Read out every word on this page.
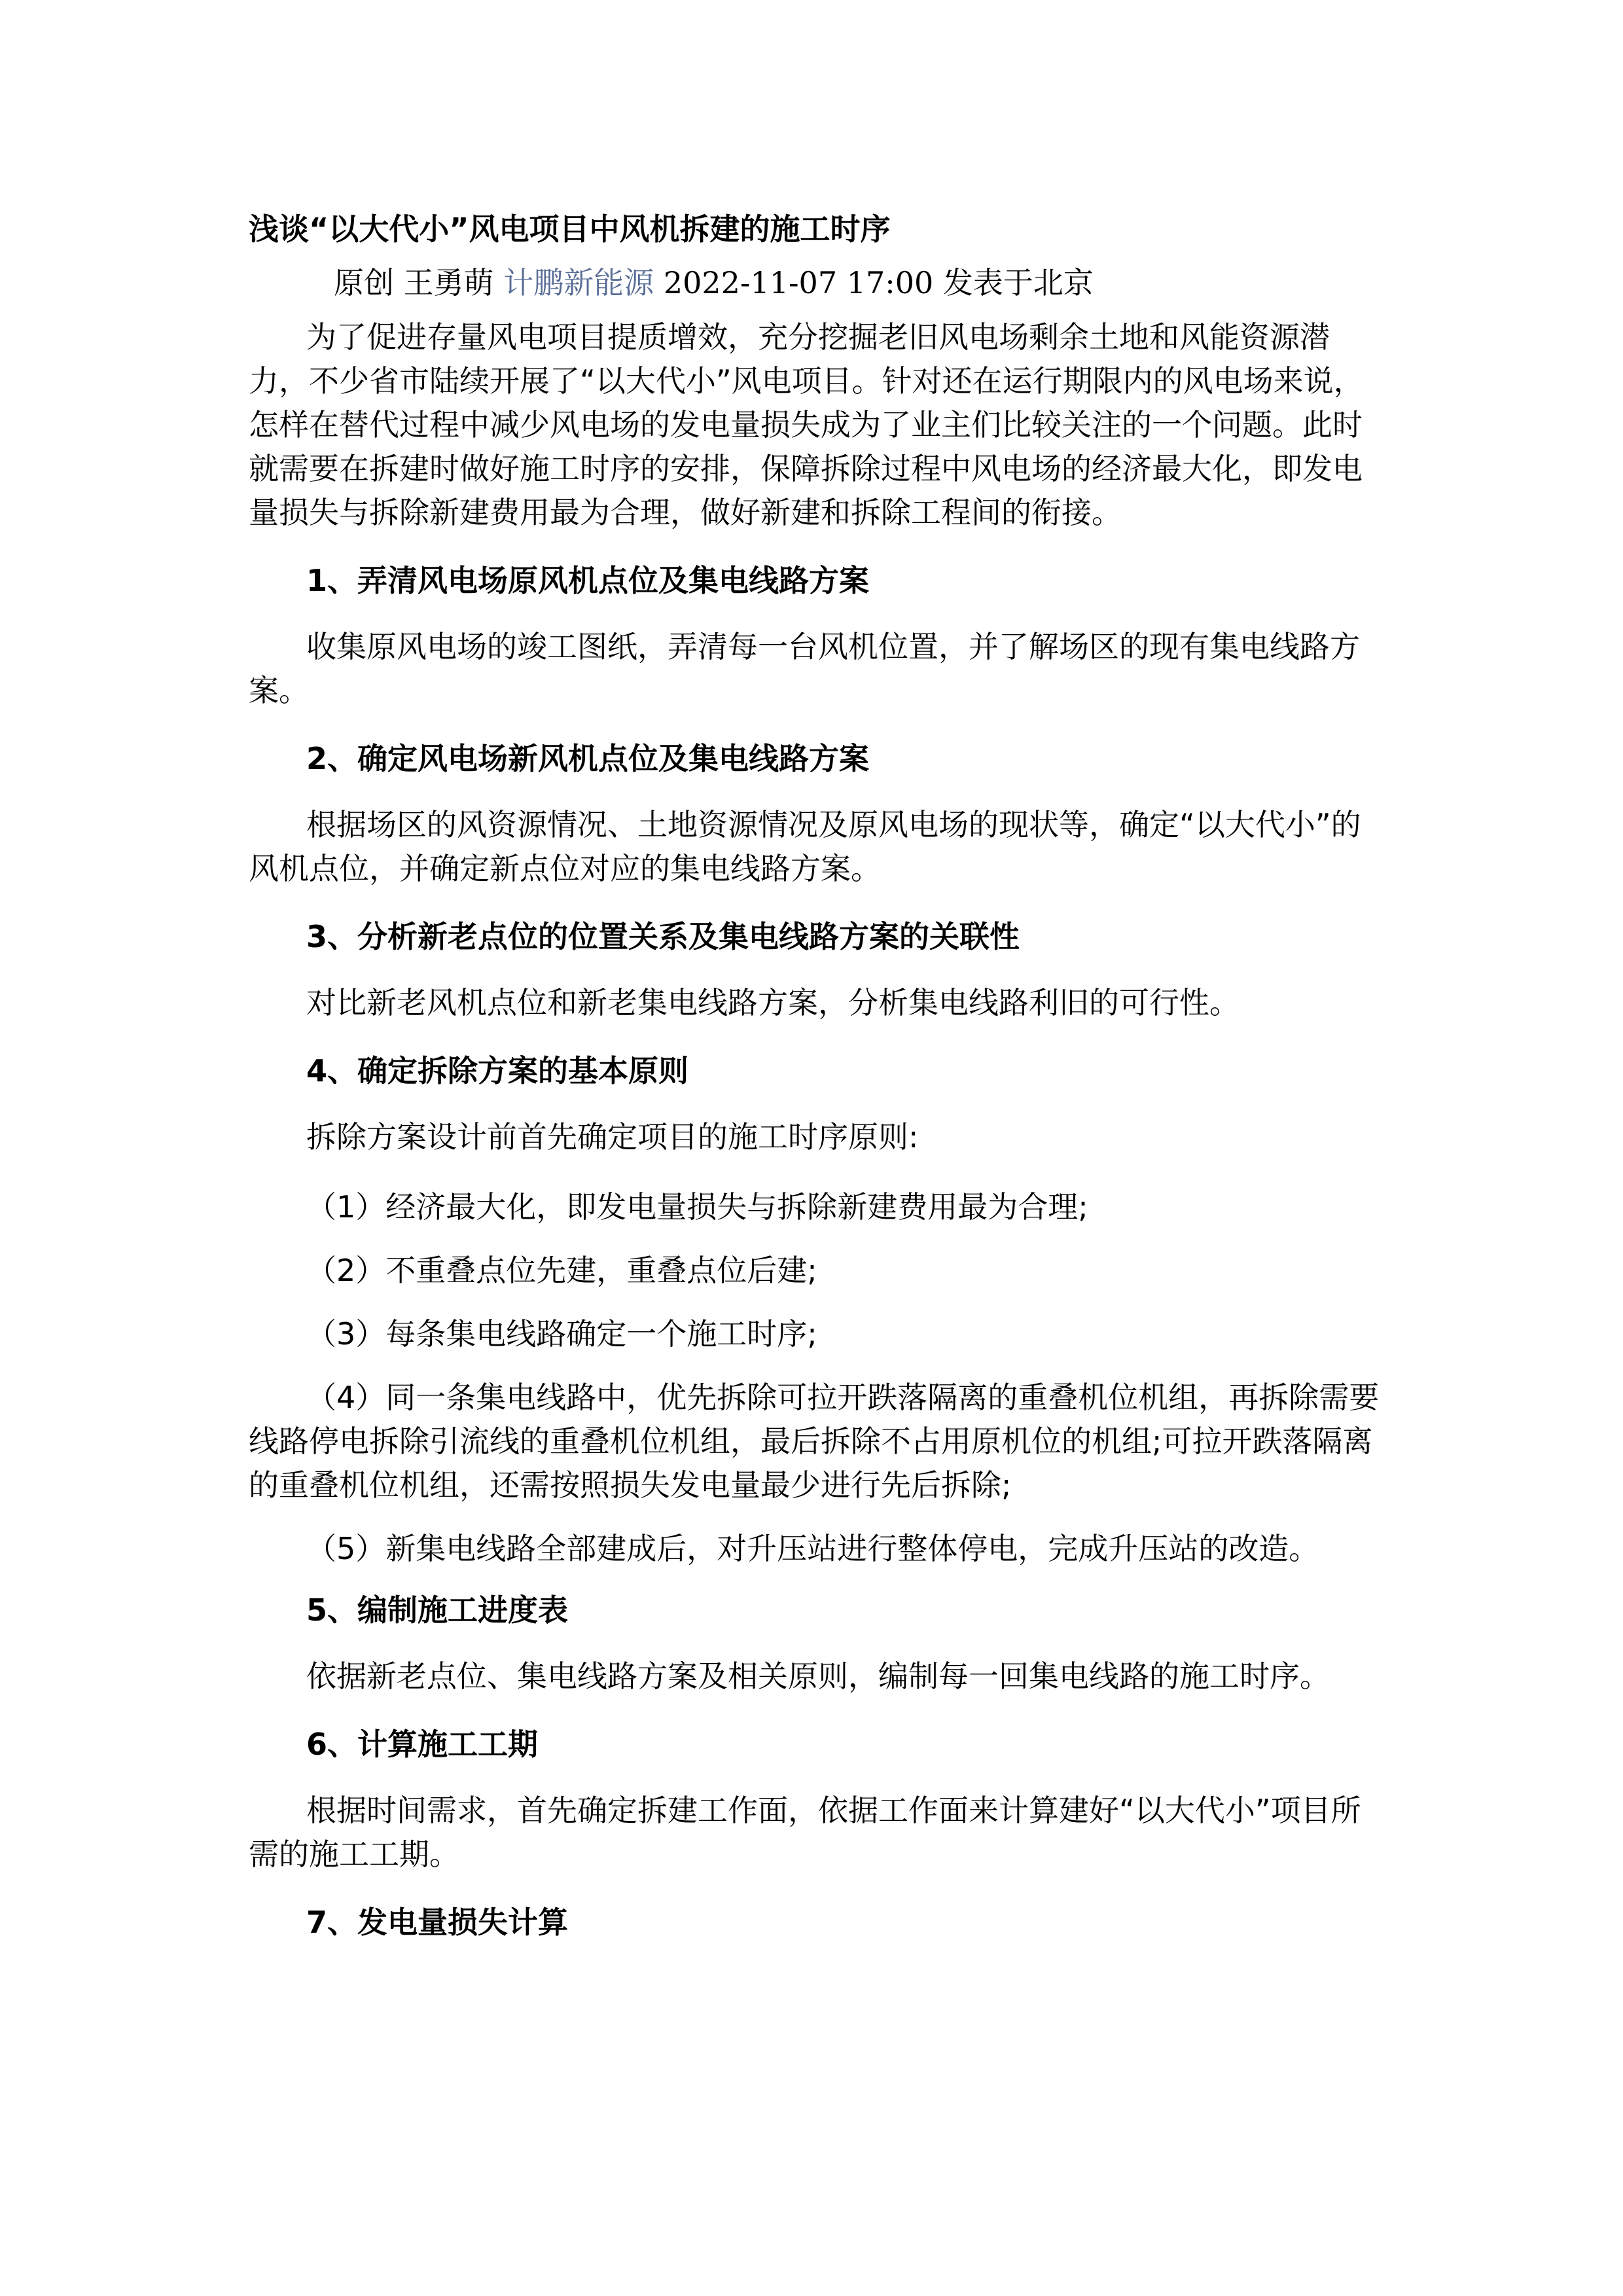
浅谈“以大代小”风电项目中风机拆建的施工时序
原创 王勇萌 计鹏新能源 2022-11-07 17:00 发表于北京

为了促进存量风电项目提质增效，充分挖掘老旧风电场剩余土地和风能资源潜力，不少省市陆续开展了“以大代小”风电项目。针对还在运行期限内的风电场来说，怎样在替代过程中减少风电场的发电量损失成为了业主们比较关注的一个问题。此时就需要在拆建时做好施工时序的安排，保障拆除过程中风电场的经济最大化，即发电量损失与拆除新建费用最为合理，做好新建和拆除工程间的衔接。

1、弄清风电场原风机点位及集电线路方案

收集原风电场的竣工图纸，弄清每一台风机位置，并了解场区的现有集电线路方案。

2、确定风电场新风机点位及集电线路方案

根据场区的风资源情况、土地资源情况及原风电场的现状等，确定“以大代小”的风机点位，并确定新点位对应的集电线路方案。

3、分析新老点位的位置关系及集电线路方案的关联性

对比新老风机点位和新老集电线路方案，分析集电线路利旧的可行性。

4、确定拆除方案的基本原则

拆除方案设计前首先确定项目的施工时序原则:

（1）经济最大化，即发电量损失与拆除新建费用最为合理;

（2）不重叠点位先建，重叠点位后建;

（3）每条集电线路确定一个施工时序;

（4）同一条集电线路中，优先拆除可拉开跌落隔离的重叠机位机组，再拆除需要线路停电拆除引流线的重叠机位机组，最后拆除不占用原机位的机组;可拉开跌落隔离的重叠机位机组，还需按照损失发电量最少进行先后拆除;

（5）新集电线路全部建成后，对升压站进行整体停电，完成升压站的改造。

5、编制施工进度表

依据新老点位、集电线路方案及相关原则，编制每一回集电线路的施工时序。

6、计算施工工期

根据时间需求，首先确定拆建工作面，依据工作面来计算建好“以大代小”项目所需的施工工期。

7、发电量损失计算
